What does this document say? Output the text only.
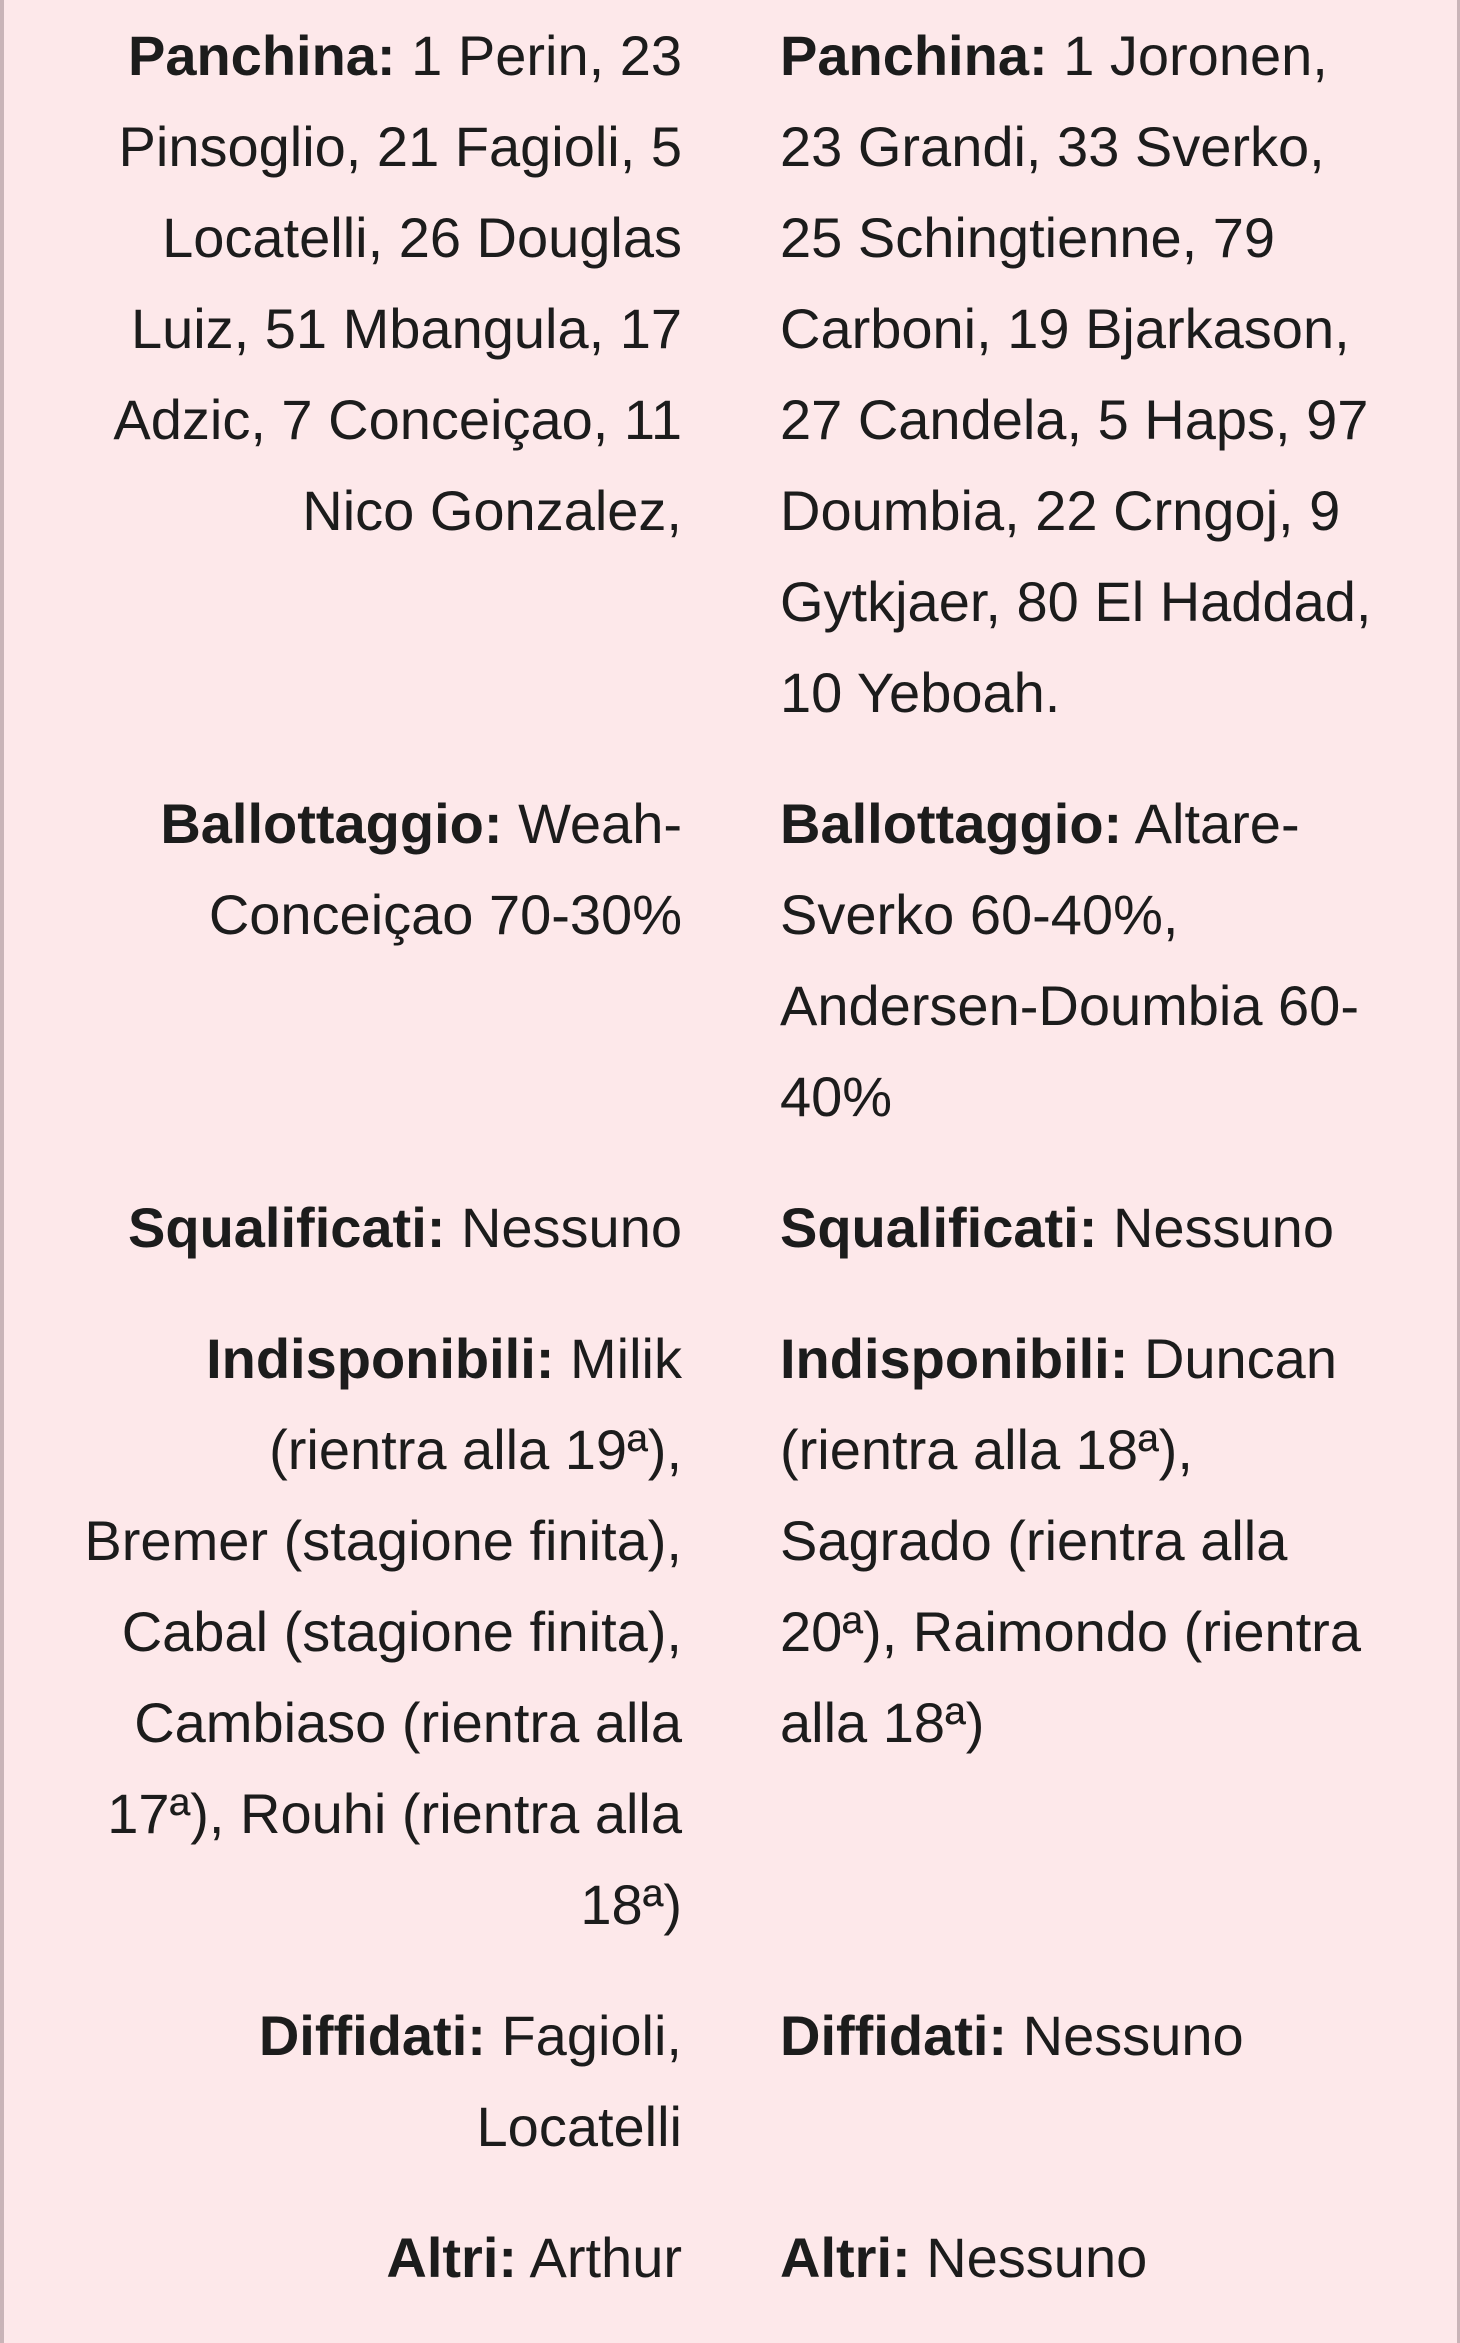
Panchina: 1 Perin, 23 Pinsoglio, 21 Fagioli, 5 Locatelli, 26 Douglas Luiz, 51 Mbangula, 17 Adzic, 7 Conceiçao, 11 Nico Gonzalez,
Panchina: 1 Joronen, 23 Grandi, 33 Sverko, 25 Schingtienne, 79 Carboni, 19 Bjarkason, 27 Candela, 5 Haps, 97 Doumbia, 22 Crngoj, 9 Gytkjaer, 80 El Haddad, 10 Yeboah.
Ballottaggio: Weah-Conceiçao 70-30%
Ballottaggio: Altare-Sverko 60-40%, Andersen-Doumbia 60-40%
Squalificati: Nessuno	Squalificati: Nessuno
Indisponibili: Milik (rientra alla 19ª), Bremer (stagione finita), Cabal (stagione finita), Cambiaso (rientra alla 17ª), Rouhi (rientra alla 18ª)
Indisponibili: Duncan (rientra alla 18ª), Sagrado (rientra alla 20ª), Raimondo (rientra alla 18ª)
Diffidati: Fagioli, Locatelli
Diffidati: Nessuno
Altri: Arthur	Altri: Nessuno
